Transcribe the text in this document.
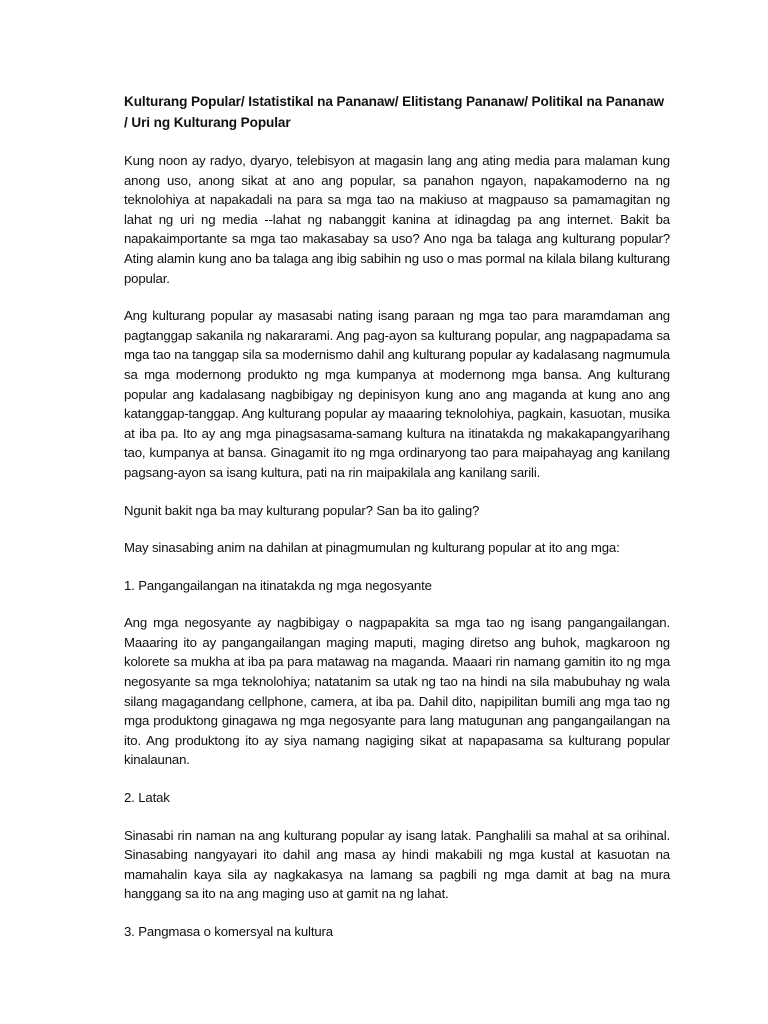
Kulturang Popular/ Istatistikal na Pananaw/ Elitistang Pananaw/ Politikal na Pananaw / Uri ng Kulturang Popular

Kung noon ay radyo, dyaryo, telebisyon at magasin lang ang ating media para malaman kung anong uso, anong sikat at ano ang popular, sa panahon ngayon, napakamoderno na ng teknolohiya at napakadali na para sa mga tao na makiuso at magpauso sa pamamagitan ng lahat ng uri ng media --lahat ng nabanggit kanina at idinagdag pa ang internet. Bakit ba napakaimportante sa mga tao makasabay sa uso? Ano nga ba talaga ang kulturang popular? Ating alamin kung ano ba talaga ang ibig sabihin ng uso o mas pormal na kilala bilang kulturang popular.

Ang kulturang popular ay masasabi nating isang paraan ng mga tao para maramdaman ang pagtanggap sakanila ng nakararami. Ang pag-ayon sa kulturang popular, ang nagpapadama sa mga tao na tanggap sila sa modernismo dahil ang kulturang popular ay kadalasang nagmumula sa mga modernong produkto ng mga kumpanya at modernong mga bansa. Ang kulturang popular ang kadalasang nagbibigay ng depinisyon kung ano ang maganda at kung ano ang katanggap-tanggap. Ang kulturang popular ay maaaring teknolohiya, pagkain, kasuotan, musika at iba pa. Ito ay ang mga pinagsasama-samang kultura na itinatakda ng makakapangyarihang tao, kumpanya at bansa. Ginagamit ito ng mga ordinaryong tao para maipahayag ang kanilang pagsang-ayon sa isang kultura, pati na rin maipakilala ang kanilang sarili.

Ngunit bakit nga ba may kulturang popular? San ba ito galing?

May sinasabing anim na dahilan at pinagmumulan ng kulturang popular at ito ang mga:

1. Pangangailangan na itinatakda ng mga negosyante

Ang mga negosyante ay nagbibigay o nagpapakita sa mga tao ng isang pangangailangan. Maaaring ito ay pangangailangan maging maputi, maging diretso ang buhok, magkaroon ng kolorete sa mukha at iba pa para matawag na maganda. Maaari rin namang gamitin ito ng mga negosyante sa mga teknolohiya; natatanim sa utak ng tao na hindi na sila mabubuhay ng wala silang magagandang cellphone, camera, at iba pa. Dahil dito, napipilitan bumili ang mga tao ng mga produktong ginagawa ng mga negosyante para lang matugunan ang pangangailangan na ito. Ang produktong ito ay siya namang nagiging sikat at napapasama sa kulturang popular kinalaunan.

2. Latak

Sinasabi rin naman na ang kulturang popular ay isang latak. Panghalili sa mahal at sa orihinal. Sinasabing nangyayari ito dahil ang masa ay hindi makabili ng mga kustal at kasuotan na mamahalin kaya sila ay nagkakasya na lamang sa pagbili ng mga damit at bag na mura hanggang sa ito na ang maging uso at gamit na ng lahat.

3. Pangmasa o komersyal na kultura
